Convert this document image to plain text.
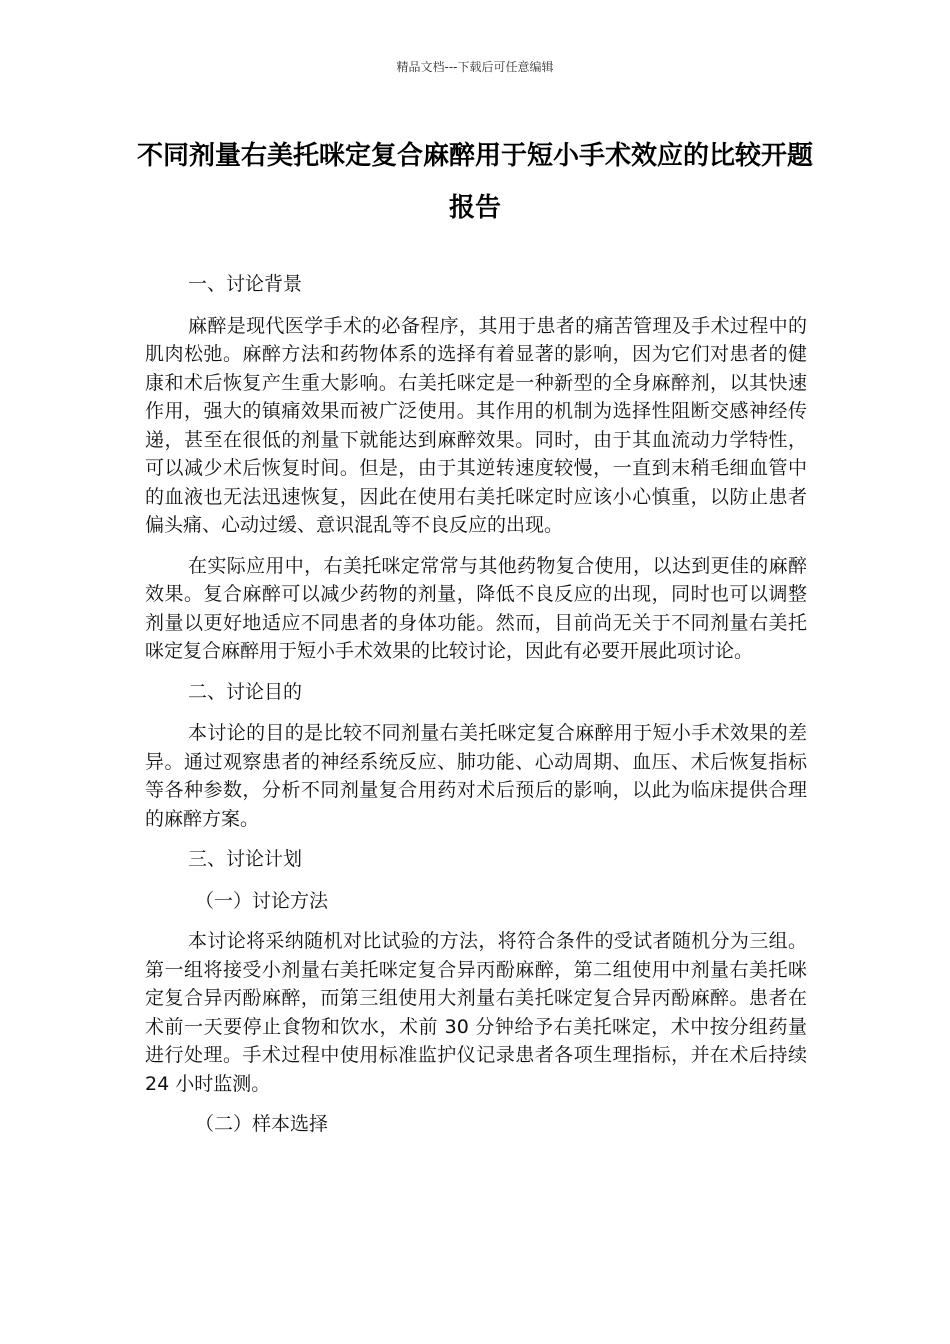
精品文档---下载后可任意编辑
不同剂量右美托咪定复合麻醉用于短小手术效应的比较开题报告
一、讨论背景

麻醉是现代医学手术的必备程序，其用于患者的痛苦管理及手术过程中的肌肉松弛。麻醉方法和药物体系的选择有着显著的影响，因为它们对患者的健康和术后恢复产生重大影响。右美托咪定是一种新型的全身麻醉剂，以其快速作用，强大的镇痛效果而被广泛使用。其作用的机制为选择性阻断交感神经传递，甚至在很低的剂量下就能达到麻醉效果。同时，由于其血流动力学特性，可以减少术后恢复时间。但是，由于其逆转速度较慢，一直到末稍毛细血管中的血液也无法迅速恢复，因此在使用右美托咪定时应该小心慎重，以防止患者偏头痛、心动过缓、意识混乱等不良反应的出现。

在实际应用中，右美托咪定常常与其他药物复合使用，以达到更佳的麻醉效果。复合麻醉可以减少药物的剂量，降低不良反应的出现，同时也可以调整剂量以更好地适应不同患者的身体功能。然而，目前尚无关于不同剂量右美托咪定复合麻醉用于短小手术效果的比较讨论，因此有必要开展此项讨论。

二、讨论目的

本讨论的目的是比较不同剂量右美托咪定复合麻醉用于短小手术效果的差异。通过观察患者的神经系统反应、肺功能、心动周期、血压、术后恢复指标等各种参数，分析不同剂量复合用药对术后预后的影响，以此为临床提供合理的麻醉方案。

三、讨论计划
（一）讨论方法

本讨论将采纳随机对比试验的方法，将符合条件的受试者随机分为三组。第一组将接受小剂量右美托咪定复合异丙酚麻醉，第二组使用中剂量右美托咪定复合异丙酚麻醉，而第三组使用大剂量右美托咪定复合异丙酚麻醉。患者在术前一天要停止食物和饮水，术前 30 分钟给予右美托咪定，术中按分组药量进行处理。手术过程中使用标准监护仪记录患者各项生理指标，并在术后持续 24 小时监测。

（二）样本选择
